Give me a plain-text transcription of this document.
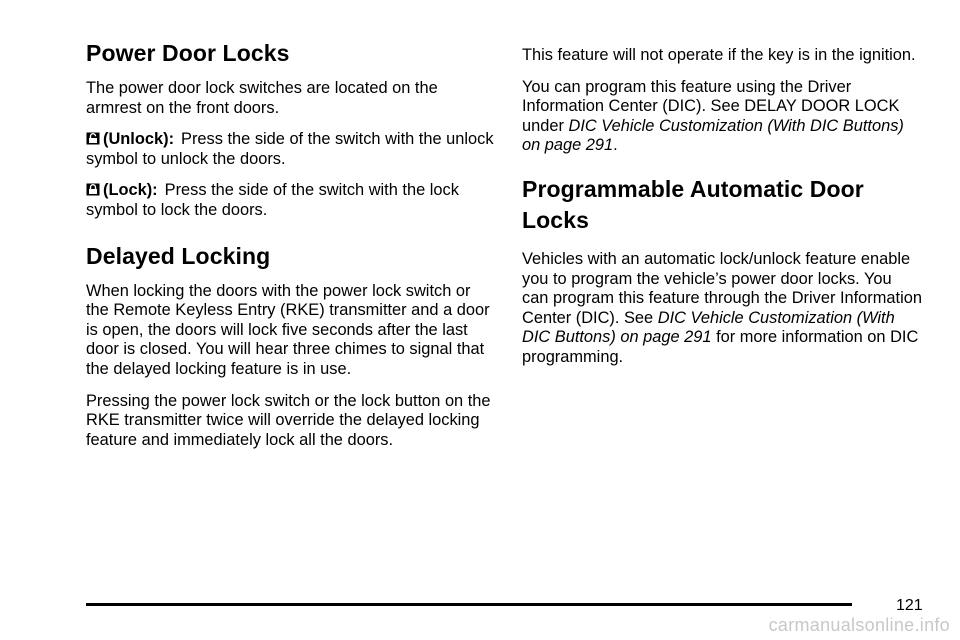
Power Door Locks

The power door lock switches are located on the armrest on the front doors.

(Unlock): Press the side of the switch with the unlock symbol to unlock the doors.

(Lock): Press the side of the switch with the lock symbol to lock the doors.

Delayed Locking

When locking the doors with the power lock switch or the Remote Keyless Entry (RKE) transmitter and a door is open, the doors will lock five seconds after the last door is closed. You will hear three chimes to signal that the delayed locking feature is in use.

Pressing the power lock switch or the lock button on the RKE transmitter twice will override the delayed locking feature and immediately lock all the doors.

This feature will not operate if the key is in the ignition.

You can program this feature using the Driver Information Center (DIC). See DELAY DOOR LOCK under DIC Vehicle Customization (With DIC Buttons) on page 291.

Programmable Automatic Door Locks

Vehicles with an automatic lock/unlock feature enable you to program the vehicle’s power door locks. You can program this feature through the Driver Information Center (DIC). See DIC Vehicle Customization (With DIC Buttons) on page 291 for more information on DIC programming.

121
carmanualsonline.info
